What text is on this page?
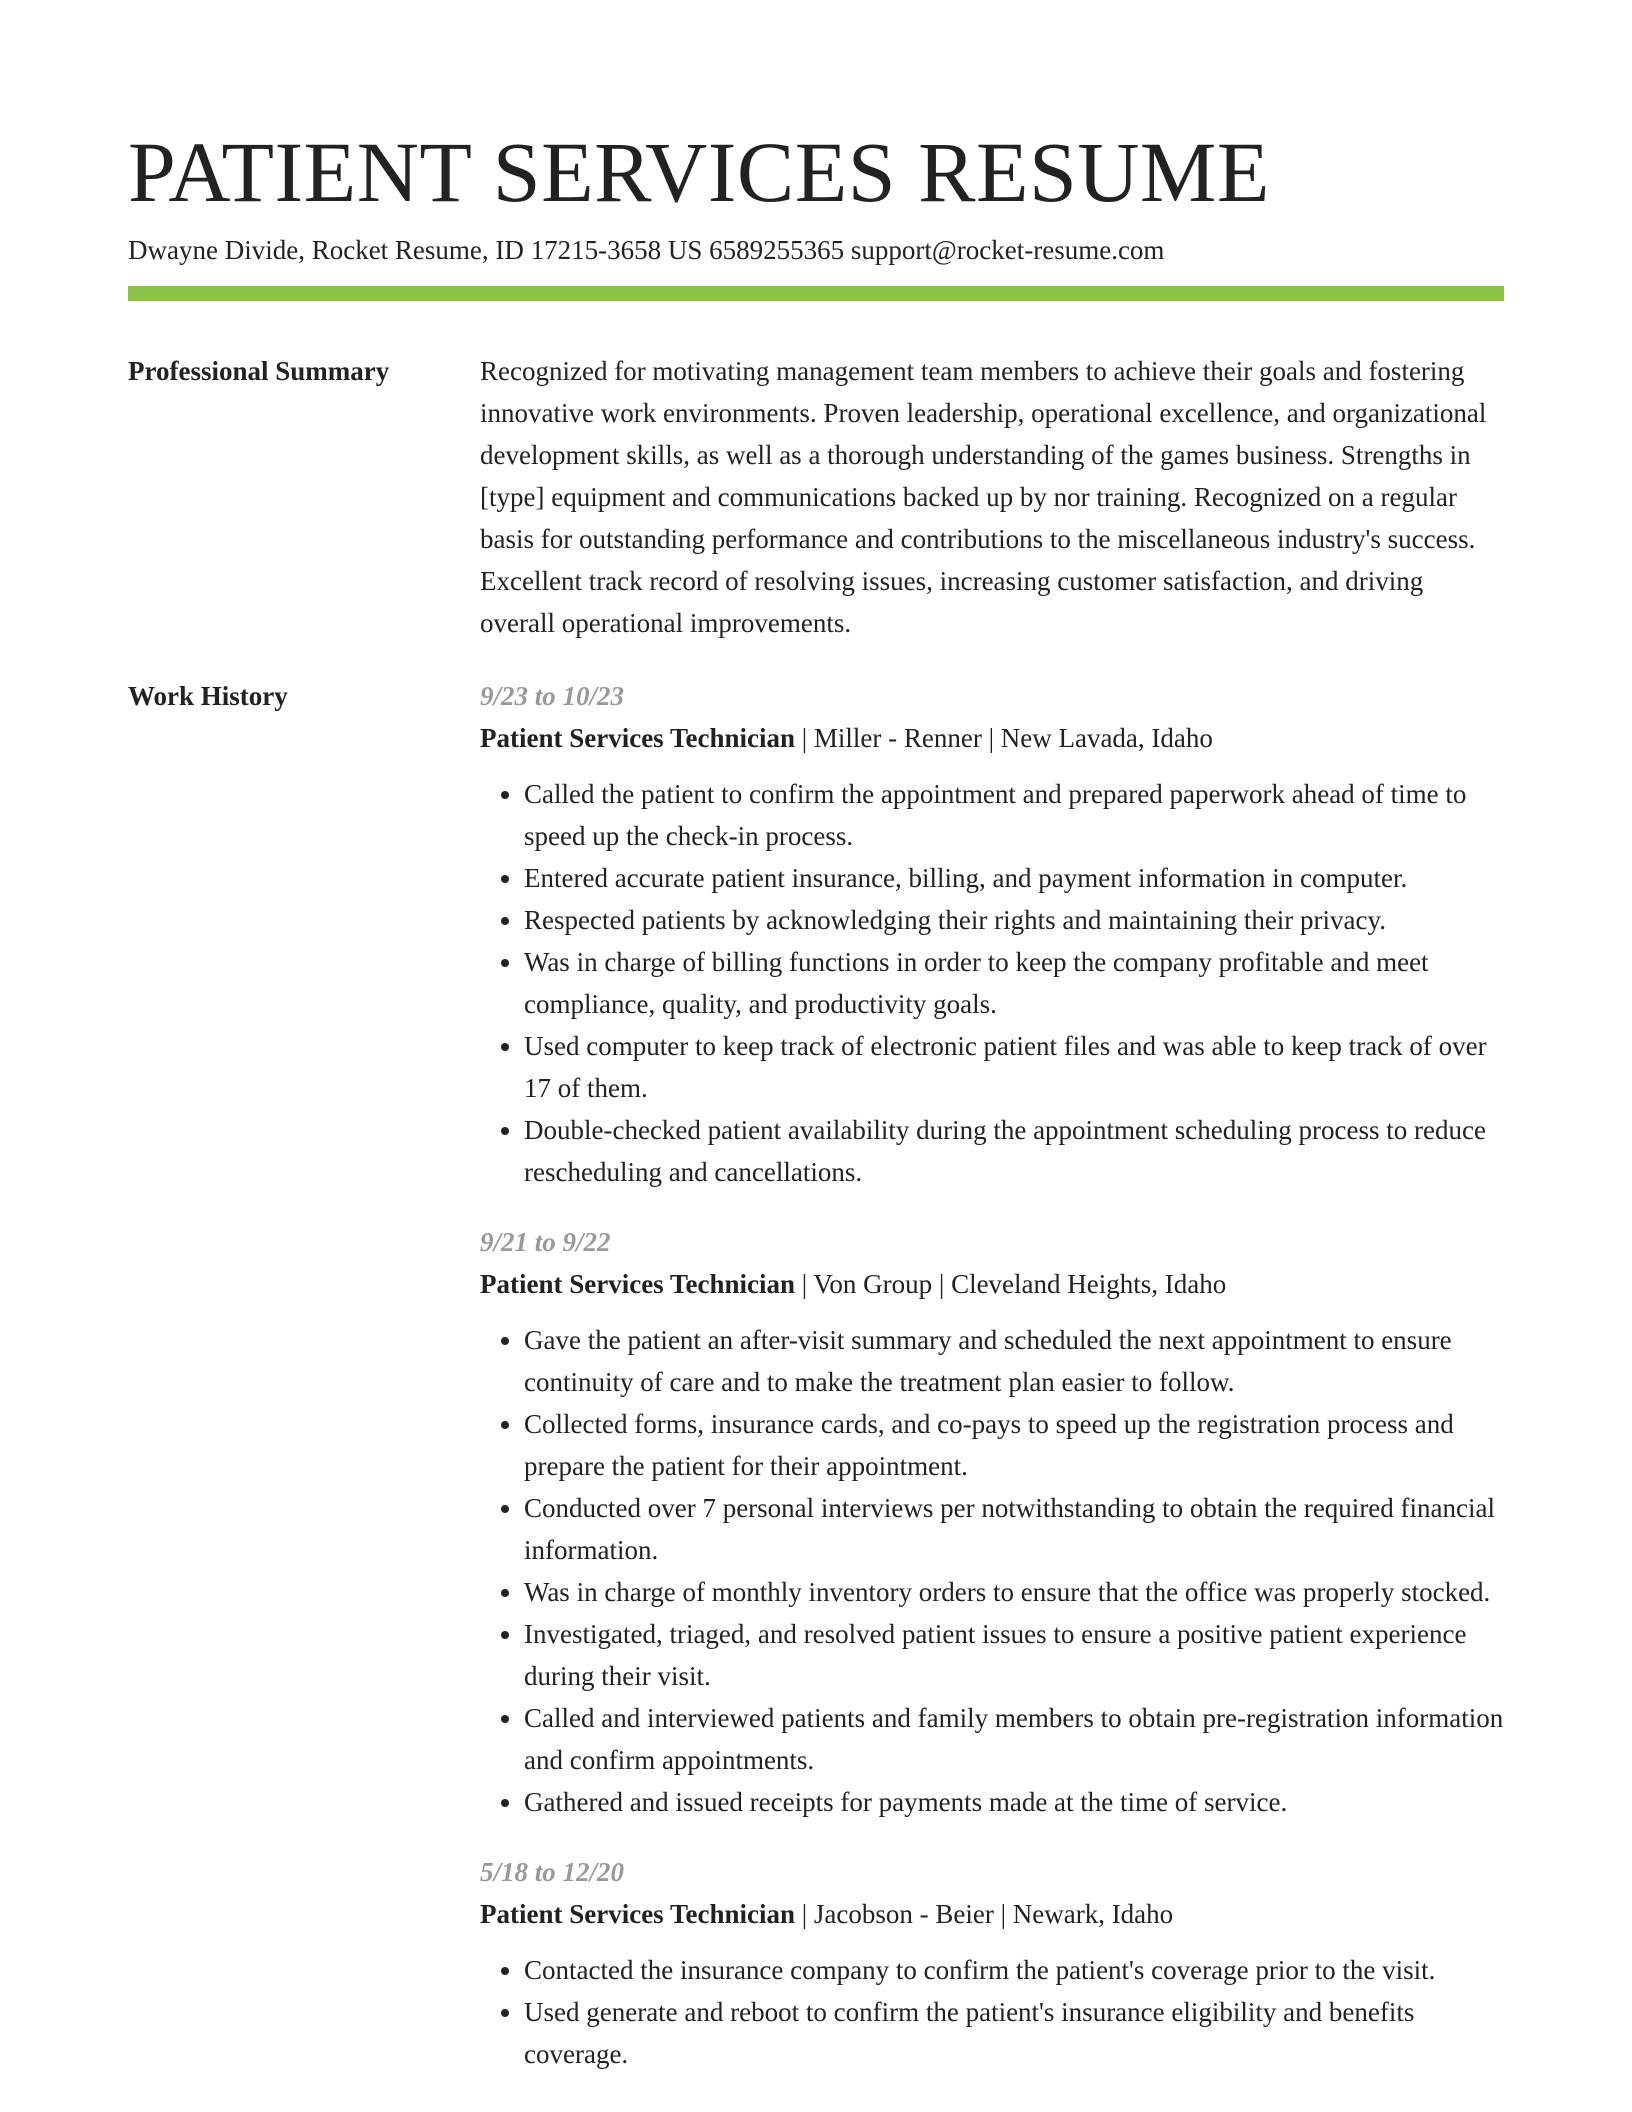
PATIENT SERVICES RESUME
Dwayne Divide, Rocket Resume, ID 17215-3658 US 6589255365 support@rocket-resume.com
Professional Summary	Recognized for motivating management team members to achieve their goals and fostering innovative work environments. Proven leadership, operational excellence, and organizational development skills, as well as a thorough understanding of the games business. Strengths in [type] equipment and communications backed up by nor training. Recognized on a regular basis for outstanding performance and contributions to the miscellaneous industry's success. Excellent track record of resolving issues, increasing customer satisfaction, and driving overall operational improvements.

Work History	9/23 to 10/23
Patient Services Technician | Miller - Renner | New Lavada, Idaho
• Called the patient to confirm the appointment and prepared paperwork ahead of time to speed up the check-in process.
• Entered accurate patient insurance, billing, and payment information in computer.
• Respected patients by acknowledging their rights and maintaining their privacy.
• Was in charge of billing functions in order to keep the company profitable and meet compliance, quality, and productivity goals.
• Used computer to keep track of electronic patient files and was able to keep track of over 17 of them.
• Double-checked patient availability during the appointment scheduling process to reduce rescheduling and cancellations.
9/21 to 9/22
Patient Services Technician | Von Group | Cleveland Heights, Idaho
• Gave the patient an after-visit summary and scheduled the next appointment to ensure continuity of care and to make the treatment plan easier to follow.
• Collected forms, insurance cards, and co-pays to speed up the registration process and prepare the patient for their appointment.
• Conducted over 7 personal interviews per notwithstanding to obtain the required financial information.
• Was in charge of monthly inventory orders to ensure that the office was properly stocked.
• Investigated, triaged, and resolved patient issues to ensure a positive patient experience during their visit.
• Called and interviewed patients and family members to obtain pre-registration information and confirm appointments.
• Gathered and issued receipts for payments made at the time of service.
5/18 to 12/20
Patient Services Technician | Jacobson - Beier | Newark, Idaho
• Contacted the insurance company to confirm the patient's coverage prior to the visit.
• Used generate and reboot to confirm the patient's insurance eligibility and benefits coverage.
